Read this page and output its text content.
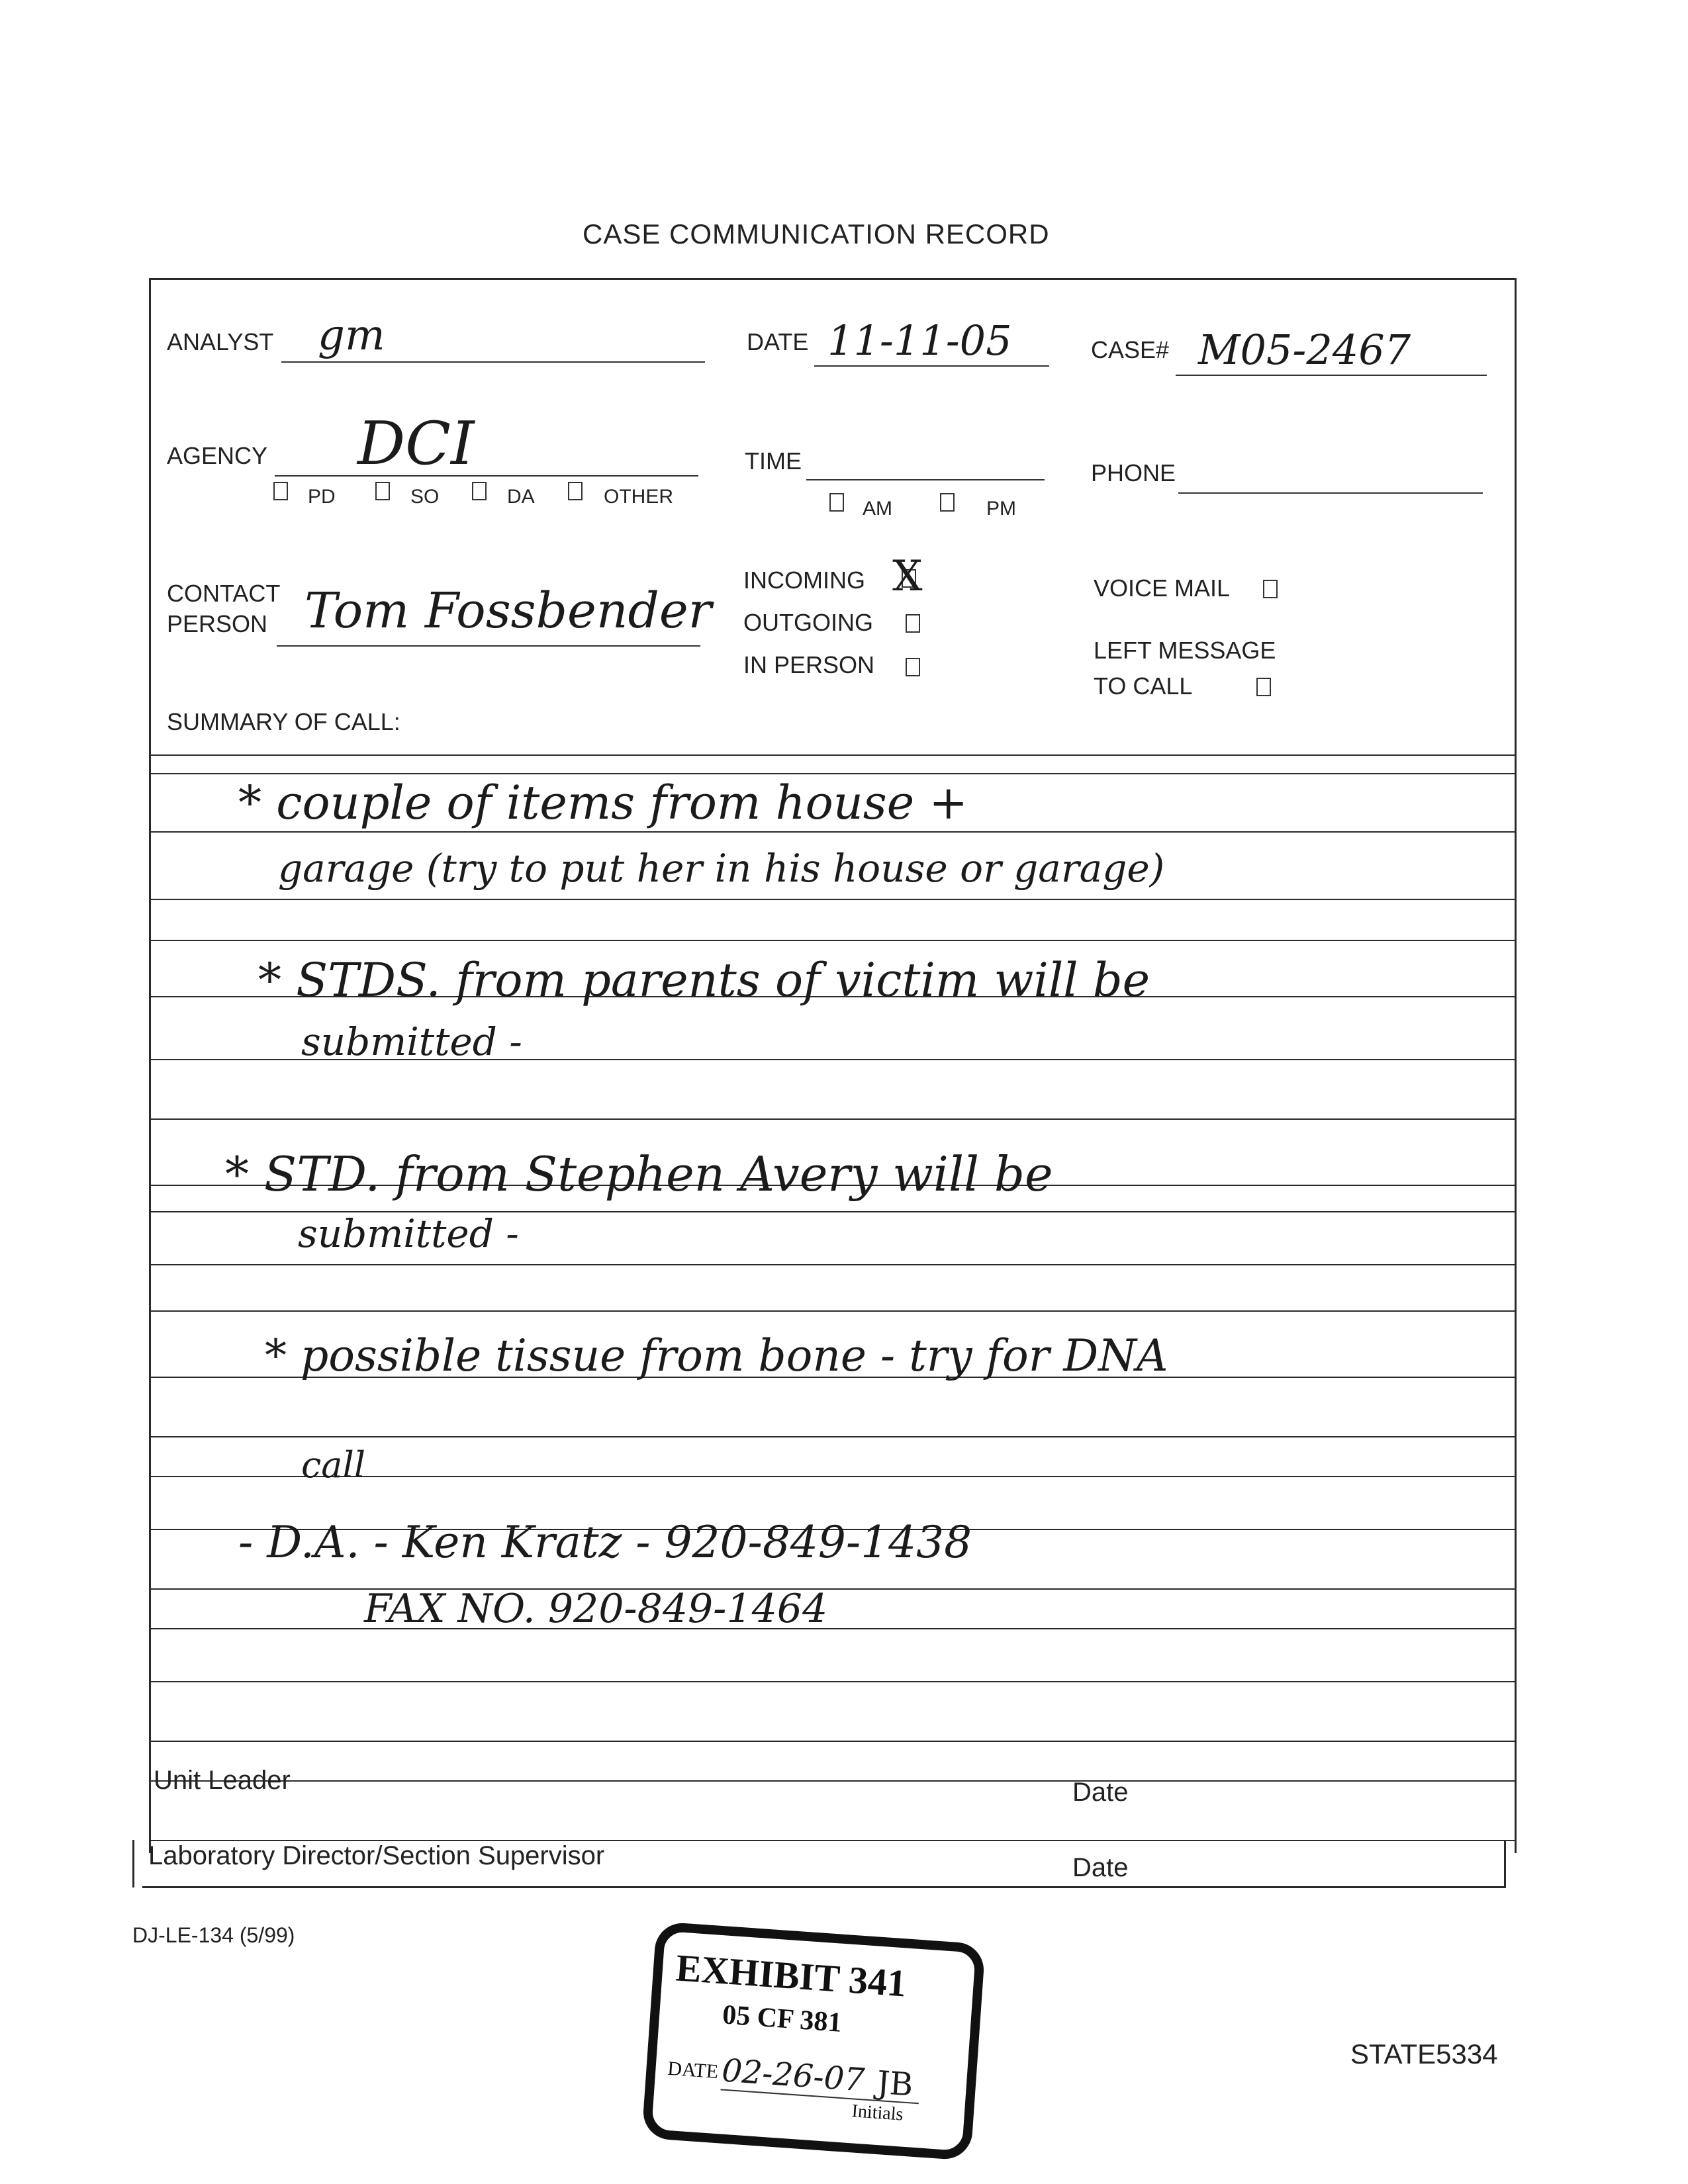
CASE COMMUNICATION RECORD
ANALYST gm	DATE 11-11-05	CASE# M05-2467
AGENCY DCI
PD	SO	DA	OTHER
TIME
AM	PM
PHONE
CONTACT
PERSON Tom Fossbender
INCOMING X
OUTGOING
IN PERSON
VOICE MAIL
LEFT MESSAGE
TO CALL
SUMMARY OF CALL:
* couple of items from house +
garage (try to put her in his house or garage)
* STDS. from parents of victim will be
submitted -
* STD. from Stephen Avery will be
submitted -
* possible tissue from bone - try for DNA
call
- D.A. - Ken Kratz - 920-849-1438
FAX NO. 920-849-1464
Unit Leader	Date
Laboratory Director/Section Supervisor	Date
DJ-LE-134 (5/99)
EXHIBIT 341
05 CF 381
DATE 02-26-07 JB
Initials
STATE5334
